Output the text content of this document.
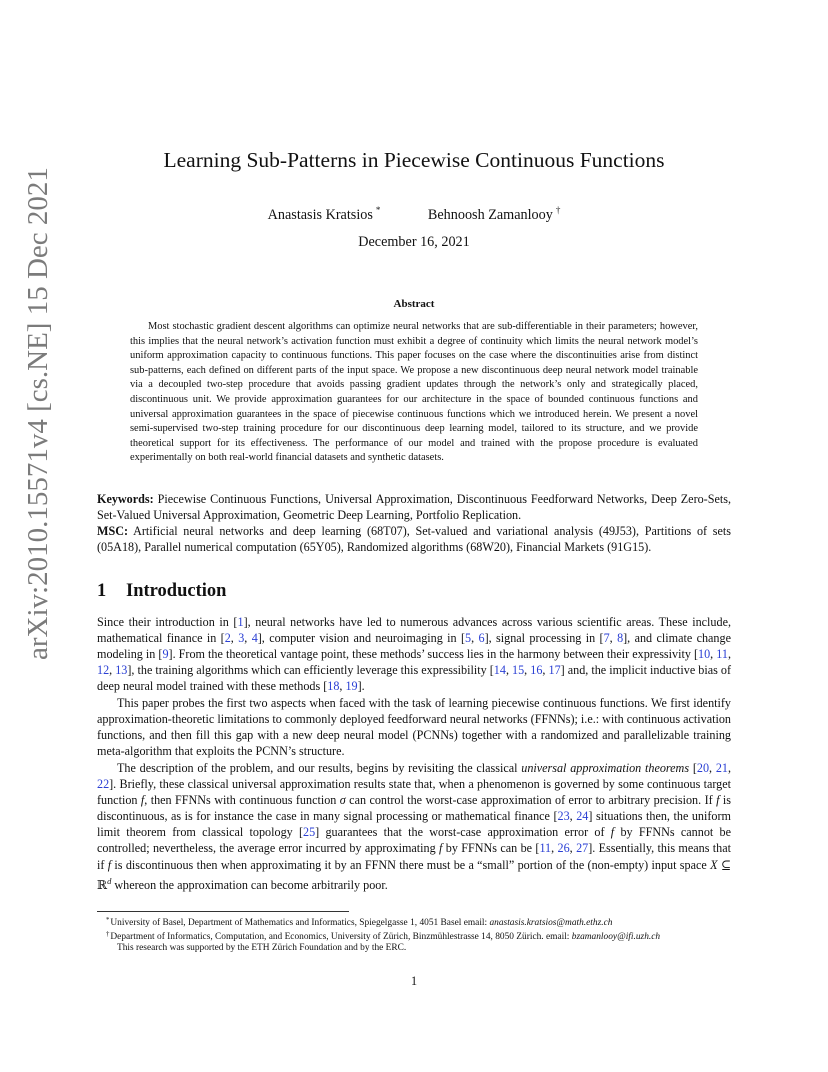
arXiv:2010.15571v4 [cs.NE] 15 Dec 2021
Learning Sub-Patterns in Piecewise Continuous Functions
Anastasis Kratsios *	Behnoosh Zamanlooy †
December 16, 2021
Abstract

Most stochastic gradient descent algorithms can optimize neural networks that are sub-differentiable in their parameters; however, this implies that the neural network’s activation function must exhibit a degree of continuity which limits the neural network model’s uniform approximation capacity to continuous functions. This paper focuses on the case where the discontinuities arise from distinct sub-patterns, each defined on different parts of the input space. We propose a new discontinuous deep neural network model trainable via a decoupled two-step procedure that avoids passing gradient updates through the network’s only and strategically placed, discontinuous unit. We provide approximation guarantees for our architecture in the space of bounded continuous functions and universal approximation guarantees in the space of piecewise continuous functions which we introduced herein. We present a novel semi-supervised two-step training procedure for our discontinuous deep learning model, tailored to its structure, and we provide theoretical support for its effectiveness. The performance of our model and trained with the propose procedure is evaluated experimentally on both real-world financial datasets and synthetic datasets.

Keywords: Piecewise Continuous Functions, Universal Approximation, Discontinuous Feedforward Networks, Deep Zero-Sets, Set-Valued Universal Approximation, Geometric Deep Learning, Portfolio Replication.

MSC: Artificial neural networks and deep learning (68T07), Set-valued and variational analysis (49J53), Partitions of sets (05A18), Parallel numerical computation (65Y05), Randomized algorithms (68W20), Financial Markets (91G15).

1 Introduction

Since their introduction in [1], neural networks have led to numerous advances across various scientific areas. These include, mathematical finance in [2, 3, 4], computer vision and neuroimaging in [5, 6], signal processing in [7, 8], and climate change modeling in [9]. From the theoretical vantage point, these methods’ success lies in the harmony between their expressivity [10, 11, 12, 13], the training algorithms which can efficiently leverage this expressibility [14, 15, 16, 17] and, the implicit inductive bias of deep neural model trained with these methods [18, 19].

This paper probes the first two aspects when faced with the task of learning piecewise continuous functions. We first identify approximation-theoretic limitations to commonly deployed feedforward neural networks (FFNNs); i.e.: with continuous activation functions, and then fill this gap with a new deep neural model (PCNNs) together with a randomized and parallelizable training meta-algorithm that exploits the PCNN’s structure.

The description of the problem, and our results, begins by revisiting the classical universal approximation theorems [20, 21, 22]. Briefly, these classical universal approximation results state that, when a phenomenon is governed by some continuous target function f, then FFNNs with continuous function σ can control the worst-case approximation of error to arbitrary precision. If f is discontinuous, as is for instance the case in many signal processing or mathematical finance [23, 24] situations then, the uniform limit theorem from classical topology [25] guarantees that the worst-case approximation error of f by FFNNs cannot be controlled; nevertheless, the average error incurred by approximating f by FFNNs can be [11, 26, 27]. Essentially, this means that if f is discontinuous then when approximating it by an FFNN there must be a “small” portion of the (non-empty) input space X ⊆ ℝ$^d$ whereon the approximation can become arbitrarily poor.

*University of Basel, Department of Mathematics and Informatics, Spiegelgasse 1, 4051 Basel email: anastasis.kratsios@math.ethz.ch

†Department of Informatics, Computation, and Economics, University of Zürich, Binzmühlestrasse 14, 8050 Zürich. email: bzamanlooy@ifi.uzh.ch

This research was supported by the ETH Zürich Foundation and by the ERC.

1
